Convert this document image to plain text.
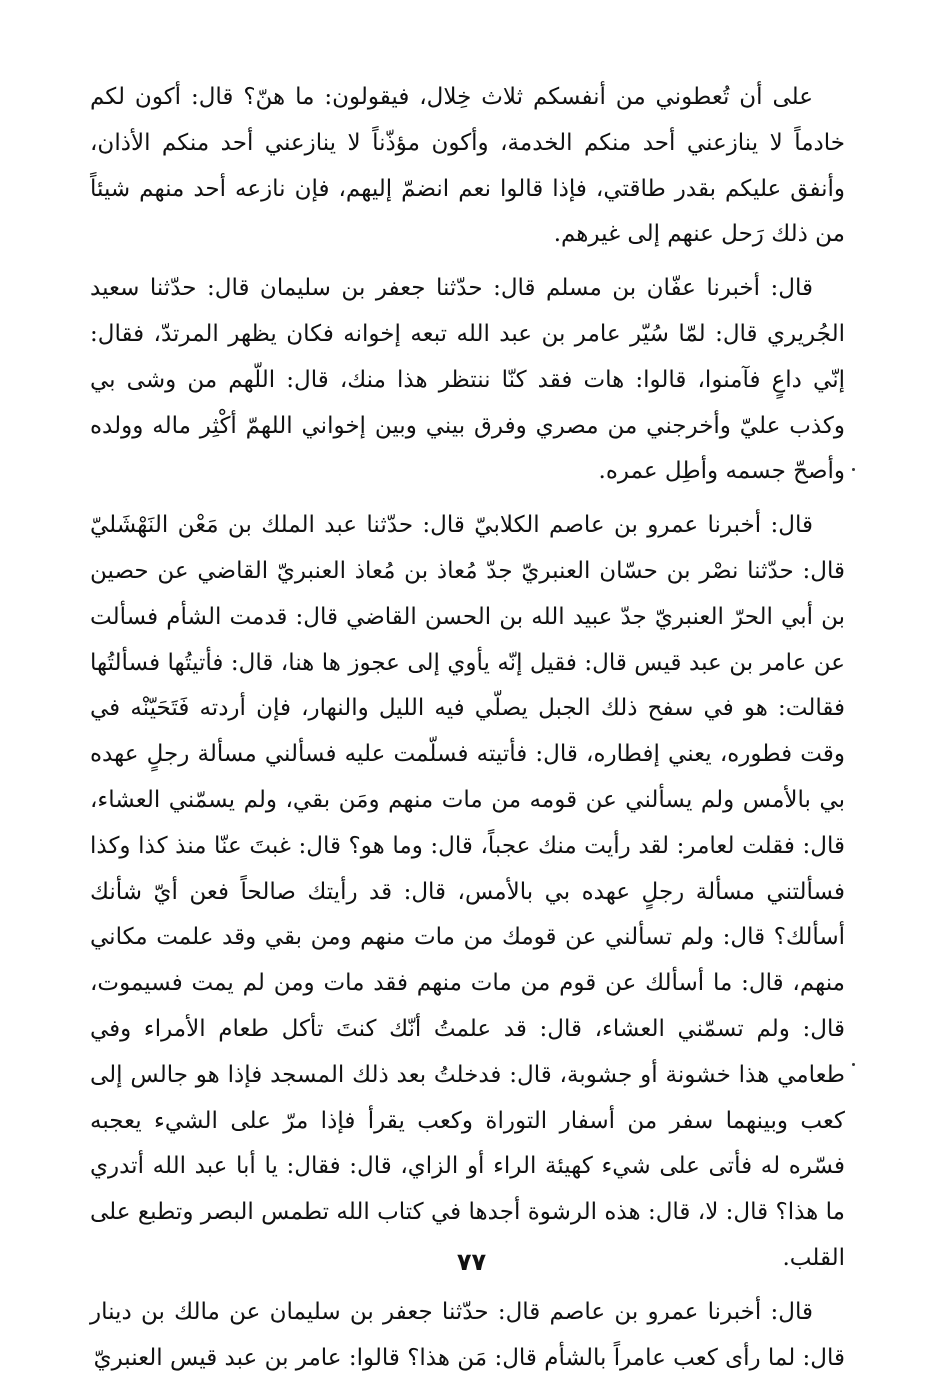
على أن تُعطوني من أنفسكم ثلاث خِلال، فيقولون: ما هنّ؟ قال: أكون لكم خادماً لا ينازعني أحد منكم الخدمة، وأكون مؤذّناً لا ينازعني أحد منكم الأذان، وأنفق عليكم بقدر طاقتي، فإذا قالوا نعم انضمّ إليهم، فإن نازعه أحد منهم شيئاً من ذلك رَحل عنهم إلى غيرهم.

قال: أخبرنا عفّان بن مسلم قال: حدّثنا جعفر بن سليمان قال: حدّثنا سعيد الجُريري قال: لمّا سُيّر عامر بن عبد الله تبعه إخوانه فكان يظهر المرتدّ، فقال: إنّي داعٍ فآمنوا، قالوا: هات فقد كنّا ننتظر هذا منك، قال: اللّهم من وشى بي وكذب عليّ وأخرجني من مصري وفرق بيني وبين إخواني اللهمّ أكْثِر ماله وولده وأصحّ جسمه وأطِل عمره.

قال: أخبرنا عمرو بن عاصم الكلابيّ قال: حدّثنا عبد الملك بن مَعْن النَهْشَليّ قال: حدّثنا نصْر بن حسّان العنبريّ جدّ مُعاذ بن مُعاذ العنبريّ القاضي عن حصين بن أبي الحرّ العنبريّ جدّ عبيد الله بن الحسن القاضي قال: قدمت الشأم فسألت عن عامر بن عبد قيس قال: فقيل إنّه يأوي إلى عجوز ها هنا، قال: فأتيتُها فسألتُها فقالت: هو في سفح ذلك الجبل يصلّي فيه الليل والنهار، فإن أردته فَتَحَيّنْه في وقت فطوره، يعني إفطاره، قال: فأتيته فسلّمت عليه فسألني مسألة رجلٍ عهده بي بالأمس ولم يسألني عن قومه من مات منهم ومَن بقي، ولم يسمّني العشاء، قال: فقلت لعامر: لقد رأيت منك عجباً، قال: وما هو؟ قال: غبتَ عنّا منذ كذا وكذا فسألتني مسألة رجلٍ عهده بي بالأمس، قال: قد رأيتك صالحاً فعن أيّ شأنك أسألك؟ قال: ولم تسألني عن قومك من مات منهم ومن بقي وقد علمت مكاني منهم، قال: ما أسألك عن قوم من مات منهم فقد مات ومن لم يمت فسيموت، قال: ولم تسمّني العشاء، قال: قد علمتُ أنّك كنتَ تأكل طعام الأمراء وفي طعامي هذا خشونة أو جشوبة، قال: فدخلتُ بعد ذلك المسجد فإذا هو جالس إلى كعب وبينهما سفر من أسفار التوراة وكعب يقرأ فإذا مرّ على الشيء يعجبه فسّره له فأتى على شيء كهيئة الراء أو الزاي، قال: فقال: يا أبا عبد الله أتدري ما هذا؟ قال: لا، قال: هذه الرشوة أجدها في كتاب الله تطمس البصر وتطبع على القلب.

قال: أخبرنا عمرو بن عاصم قال: حدّثنا جعفر بن سليمان عن مالك بن دينار قال: لما رأى كعب عامراً بالشأم قال: مَن هذا؟ قالوا: عامر بن عبد قيس العنبريّ

٧٧
